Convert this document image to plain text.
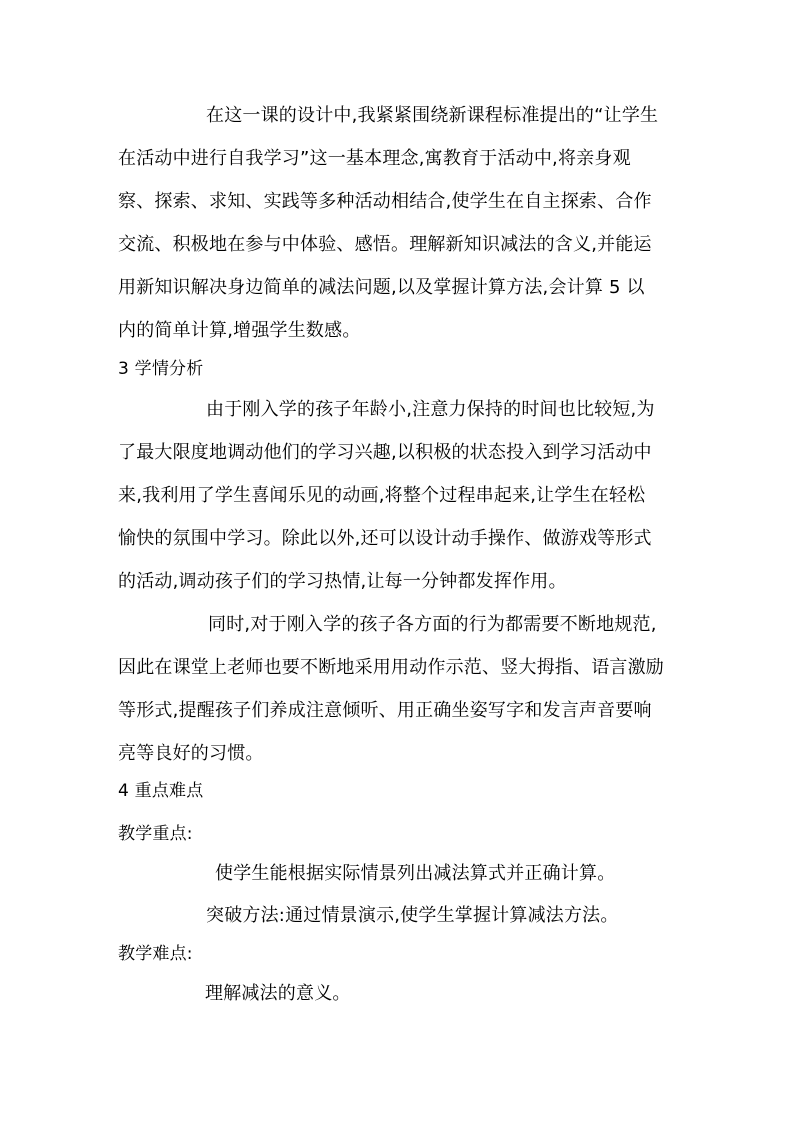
在这一课的设计中,我紧紧围绕新课程标准提出的“让学生
在活动中进行自我学习”这一基本理念,寓教育于活动中,将亲身观
察、探索、求知、实践等多种活动相结合,使学生在自主探索、合作
交流、积极地在参与中体验、感悟。理解新知识减法的含义,并能运
用新知识解决身边简单的减法问题,以及掌握计算方法,会计算 5 以
内的简单计算,增强学生数感。
3 学情分析
由于刚入学的孩子年龄小,注意力保持的时间也比较短,为
了最大限度地调动他们的学习兴趣,以积极的状态投入到学习活动中
来,我利用了学生喜闻乐见的动画,将整个过程串起来,让学生在轻松
愉快的氛围中学习。除此以外,还可以设计动手操作、做游戏等形式
的活动,调动孩子们的学习热情,让每一分钟都发挥作用。
同时,对于刚入学的孩子各方面的行为都需要不断地规范,
因此在课堂上老师也要不断地采用用动作示范、竖大拇指、语言激励
等形式,提醒孩子们养成注意倾听、用正确坐姿写字和发言声音要响
亮等良好的习惯。
4 重点难点
教学重点:
使学生能根据实际情景列出减法算式并正确计算。
突破方法:通过情景演示,使学生掌握计算减法方法。
教学难点:
理解减法的意义。
